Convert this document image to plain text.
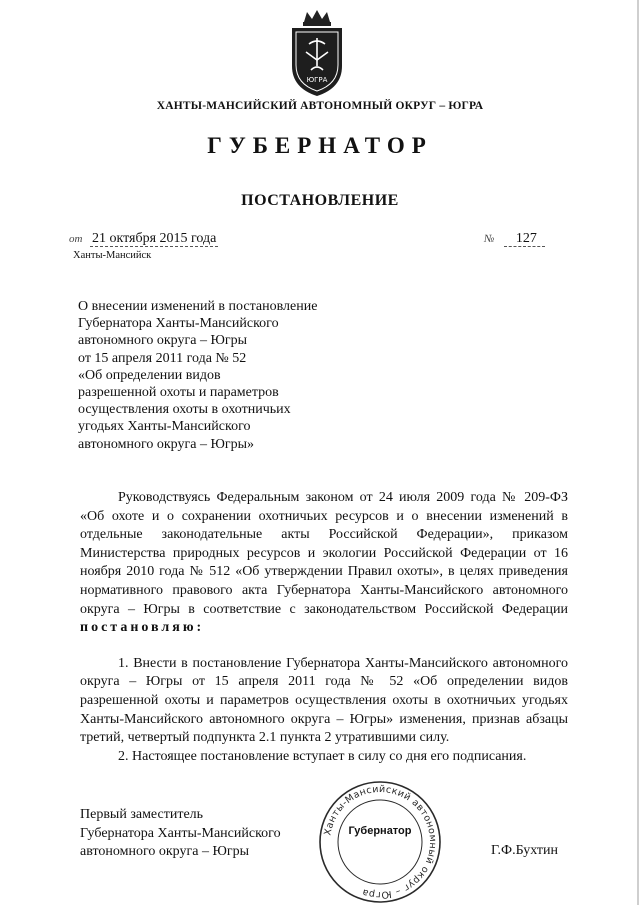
ЮГРА
ХАНТЫ-МАНСИЙСКИЙ АВТОНОМНЫЙ ОКРУГ – ЮГРА
ГУБЕРНАТОР
ПОСТАНОВЛЕНИЕ
от 21 октября 2015 года	№ 127
Ханты-Мансийск
О внесении изменений в постановление
Губернатора Ханты-Мансийского
автономного округа – Югры
от 15 апреля 2011 года № 52
«Об определении видов
разрешенной охоты и параметров
осуществления охоты в охотничьих
угодьях Ханты-Мансийского
автономного округа – Югры»

Руководствуясь Федеральным законом от 24 июля 2009 года № 209-ФЗ «Об охоте и о сохранении охотничьих ресурсов и о внесении изменений в отдельные законодательные акты Российской Федерации», приказом Министерства природных ресурсов и экологии Российской Федерации от 16 ноября 2010 года № 512 «Об утверждении Правил охоты», в целях приведения нормативного правового акта Губернатора Ханты-Мансийского автономного округа – Югры в соответствие с законодательством Российской Федерации постановляю:

1. Внести в постановление Губернатора Ханты-Мансийского автономного округа – Югры от 15 апреля 2011 года № 52 «Об определении видов разрешенной охоты и параметров осуществления охоты в охотничьих угодьях Ханты-Мансийского автономного округа – Югры» изменения, признав абзацы третий, четвертый подпункта 2.1 пункта 2 утратившими силу.

2. Настоящее постановление вступает в силу со дня его подписания.

Первый заместитель
Губернатора Ханты-Мансийского
автономного округа – Югры
Ханты-Мансийский автономный округ – Югра
Губернатор
Г.Ф.Бухтин
